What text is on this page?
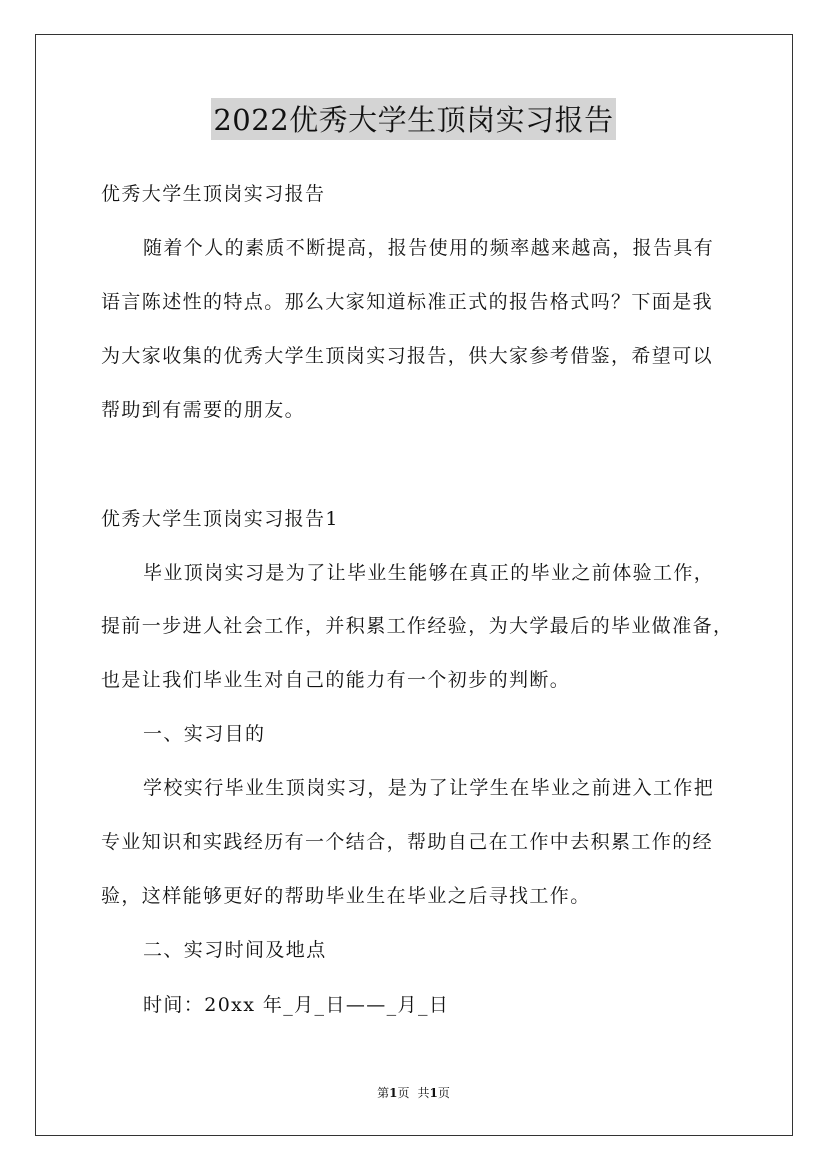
2022优秀大学生顶岗实习报告
优秀大学生顶岗实习报告
随着个人的素质不断提高，报告使用的频率越来越高，报告具有
语言陈述性的特点。那么大家知道标准正式的报告格式吗？下面是我
为大家收集的优秀大学生顶岗实习报告，供大家参考借鉴，希望可以
帮助到有需要的朋友。
优秀大学生顶岗实习报告1
毕业顶岗实习是为了让毕业生能够在真正的毕业之前体验工作，
提前一步进人社会工作，并积累工作经验，为大学最后的毕业做准备，
也是让我们毕业生对自己的能力有一个初步的判断。
一、实习目的
学校实行毕业生顶岗实习，是为了让学生在毕业之前进入工作把
专业知识和实践经历有一个结合，帮助自己在工作中去积累工作的经
验，这样能够更好的帮助毕业生在毕业之后寻找工作。
二、实习时间及地点
时间：20xx 年_月_日——_月_日
第1页 共1页
